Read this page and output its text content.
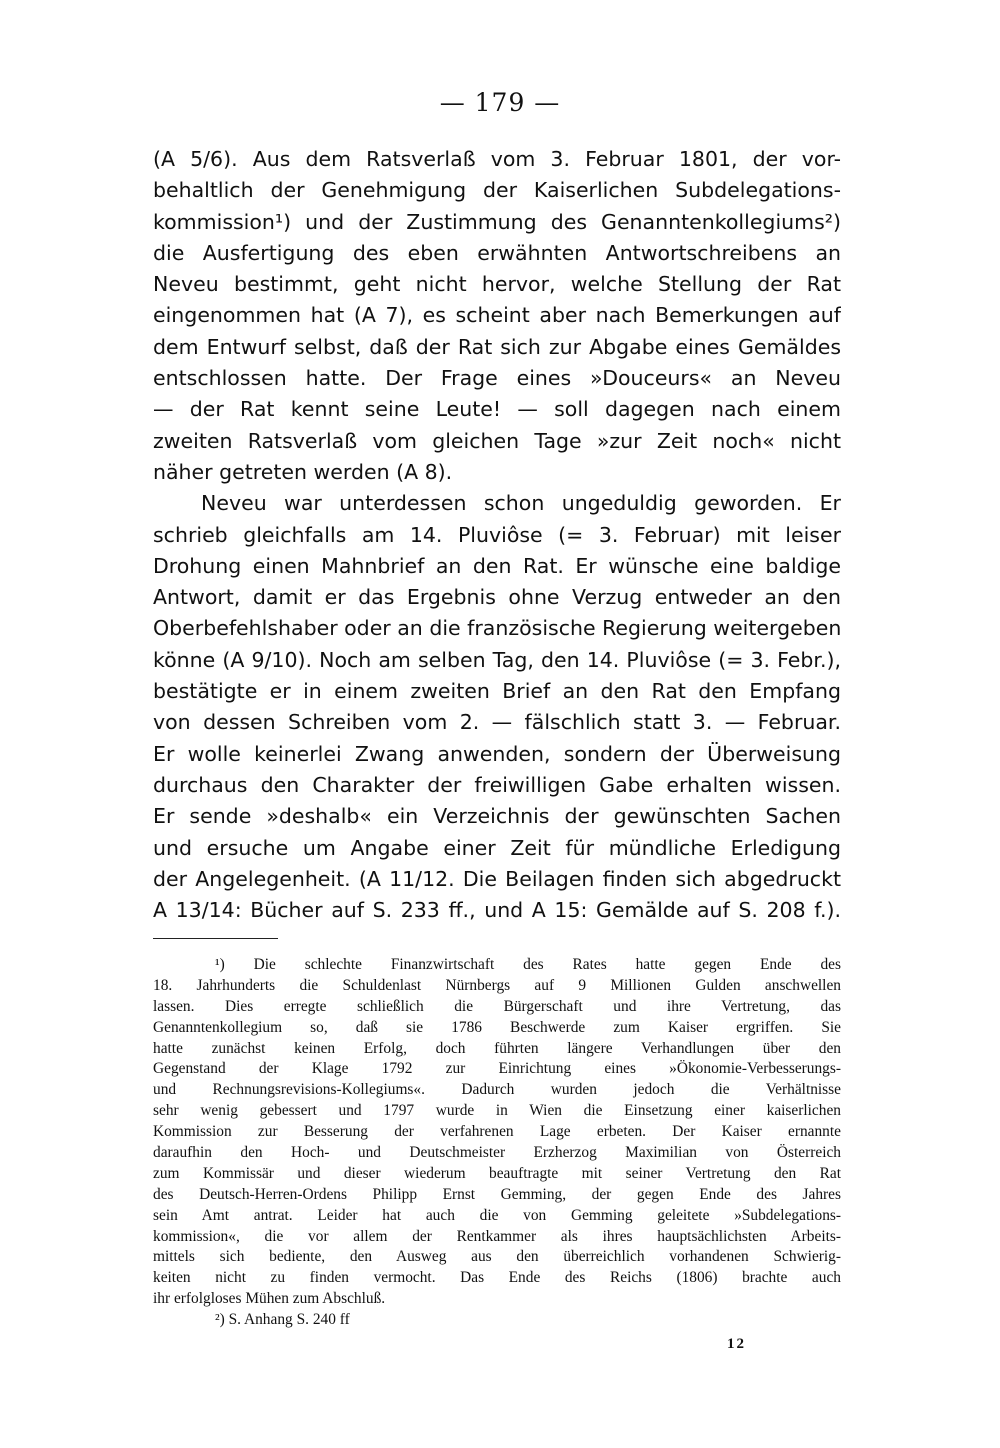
— 179 —
(A 5/6). Aus dem Ratsverlaß vom 3. Februar 1801, der vor-
behaltlich der Genehmigung der Kaiserlichen Subdelegations-
kommission¹) und der Zustimmung des Genanntenkollegiums²)
die Ausfertigung des eben erwähnten Antwortschreibens an
Neveu bestimmt, geht nicht hervor, welche Stellung der Rat
eingenommen hat (A 7), es scheint aber nach Bemerkungen auf
dem Entwurf selbst, daß der Rat sich zur Abgabe eines Gemäldes
entschlossen hatte. Der Frage eines »Douceurs« an Neveu
— der Rat kennt seine Leute! — soll dagegen nach einem
zweiten Ratsverlaß vom gleichen Tage »zur Zeit noch« nicht
näher getreten werden (A 8).
Neveu war unterdessen schon ungeduldig geworden. Er
schrieb gleichfalls am 14. Pluviôse (= 3. Februar) mit leiser
Drohung einen Mahnbrief an den Rat. Er wünsche eine baldige
Antwort, damit er das Ergebnis ohne Verzug entweder an den
Oberbefehlshaber oder an die französische Regierung weitergeben
könne (A 9/10). Noch am selben Tag, den 14. Pluviôse (= 3. Febr.),
bestätigte er in einem zweiten Brief an den Rat den Empfang
von dessen Schreiben vom 2. — fälschlich statt 3. — Februar.
Er wolle keinerlei Zwang anwenden, sondern der Überweisung
durchaus den Charakter der freiwilligen Gabe erhalten wissen.
Er sende »deshalb« ein Verzeichnis der gewünschten Sachen
und ersuche um Angabe einer Zeit für mündliche Erledigung
der Angelegenheit. (A 11/12. Die Beilagen finden sich abgedruckt
A 13/14: Bücher auf S. 233 ff., und A 15: Gemälde auf S. 208 f.).
¹) Die schlechte Finanzwirtschaft des Rates hatte gegen Ende des
18. Jahrhunderts die Schuldenlast Nürnbergs auf 9 Millionen Gulden anschwellen
lassen. Dies erregte schließlich die Bürgerschaft und ihre Vertretung, das
Genanntenkollegium so, daß sie 1786 Beschwerde zum Kaiser ergriffen. Sie
hatte zunächst keinen Erfolg, doch führten längere Verhandlungen über den
Gegenstand der Klage 1792 zur Einrichtung eines »Ökonomie-Verbesserungs-
und Rechnungsrevisions-Kollegiums«. Dadurch wurden jedoch die Verhältnisse
sehr wenig gebessert und 1797 wurde in Wien die Einsetzung einer kaiserlichen
Kommission zur Besserung der verfahrenen Lage erbeten. Der Kaiser ernannte
daraufhin den Hoch- und Deutschmeister Erzherzog Maximilian von Österreich
zum Kommissär und dieser wiederum beauftragte mit seiner Vertretung den Rat
des Deutsch-Herren-Ordens Philipp Ernst Gemming, der gegen Ende des Jahres
sein Amt antrat. Leider hat auch die von Gemming geleitete »Subdelegations-
kommission«, die vor allem der Rentkammer als ihres hauptsächlichsten Arbeits-
mittels sich bediente, den Ausweg aus den überreichlich vorhandenen Schwierig-
keiten nicht zu finden vermocht. Das Ende des Reichs (1806) brachte auch
ihr erfolgloses Mühen zum Abschluß.
²) S. Anhang S. 240 ff
12
